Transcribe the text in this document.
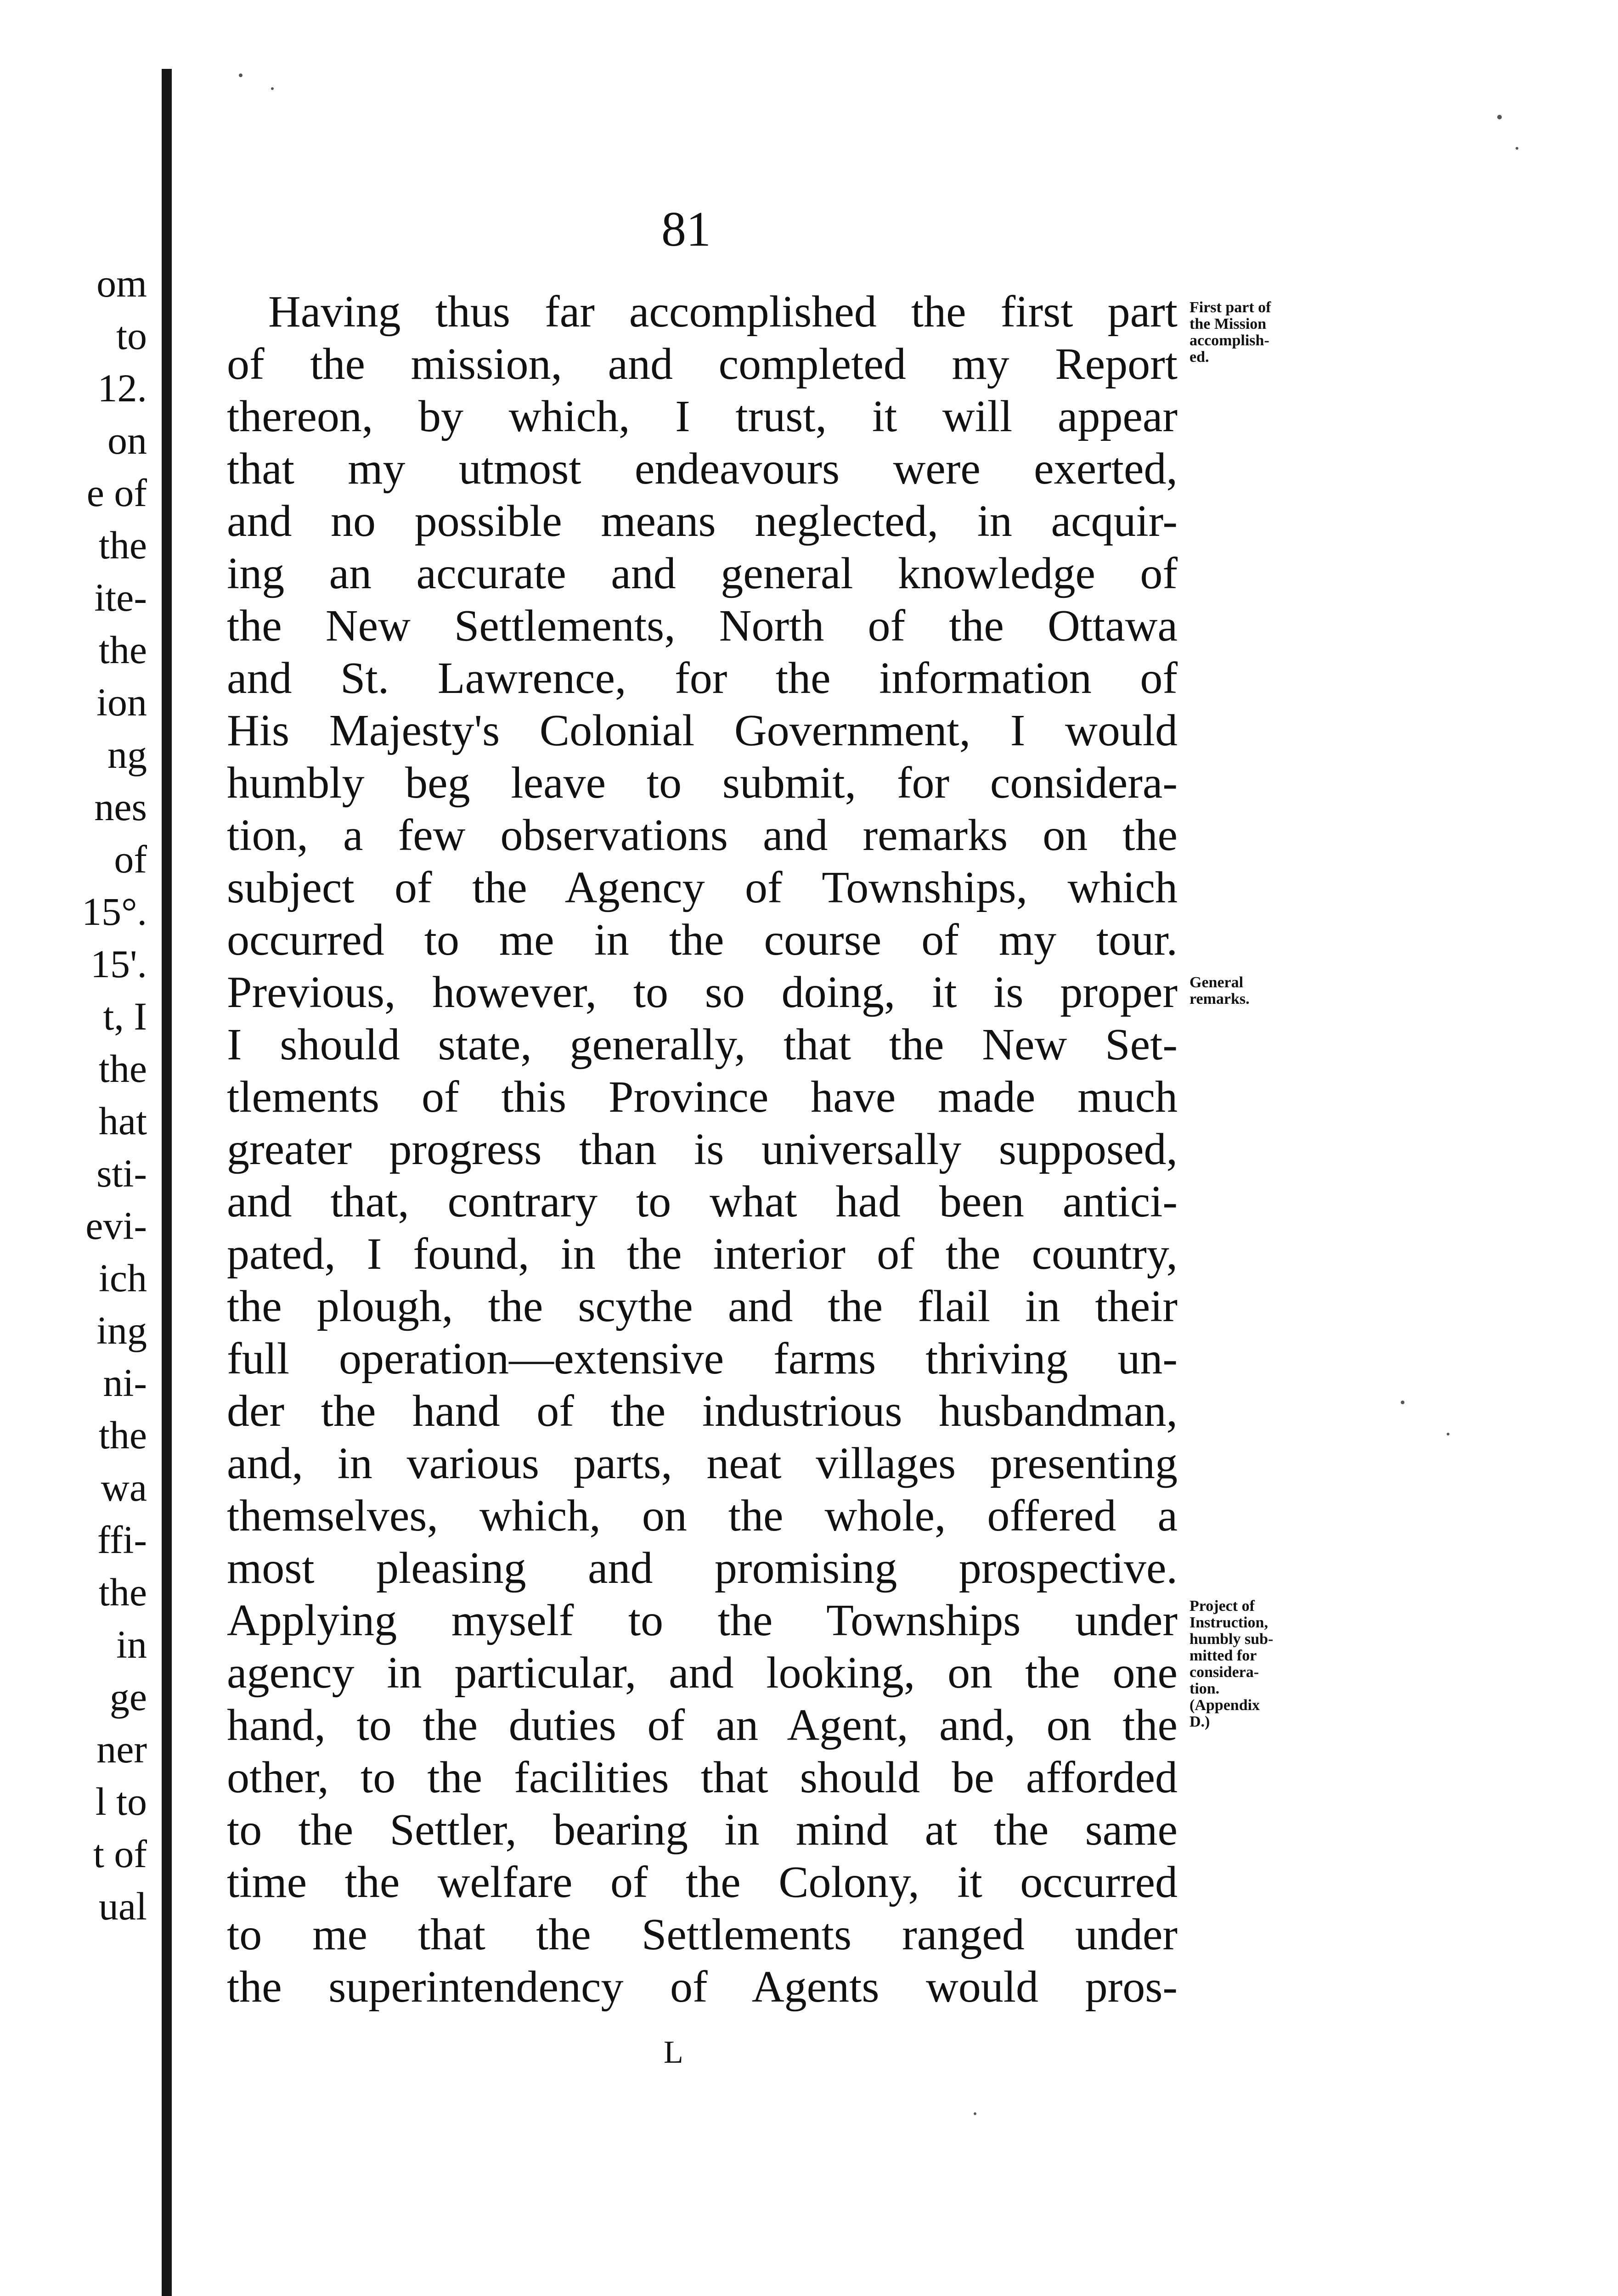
om
to
12.
on
e of
the
ite-
the
ion
ng
nes
of
15°.
15'.
t, I
the
hat
sti-
evi-
ich
ing
ni-
the
wa
ffi-
the
in
ge
ner
l to
t of
ual
81
Having thus far accomplished the first part
of the mission, and completed my Report
thereon, by which, I trust, it will appear
that my utmost endeavours were exerted,
and no possible means neglected, in acquir-
ing an accurate and general knowledge of
the New Settlements, North of the Ottawa
and St. Lawrence, for the information of
His Majesty's Colonial Government, I would
humbly beg leave to submit, for considera-
tion, a few observations and remarks on the
subject of the Agency of Townships, which
occurred to me in the course of my tour.
Previous, however, to so doing, it is proper
I should state, generally, that the New Set-
tlements of this Province have made much
greater progress than is universally supposed,
and that, contrary to what had been antici-
pated, I found, in the interior of the country,
the plough, the scythe and the flail in their
full operation—extensive farms thriving un-
der the hand of the industrious husbandman,
and, in various parts, neat villages presenting
themselves, which, on the whole, offered a
most pleasing and promising prospective.
Applying myself to the Townships under
agency in particular, and looking, on the one
hand, to the duties of an Agent, and, on the
other, to the facilities that should be afforded
to the Settler, bearing in mind at the same
time the welfare of the Colony, it occurred
to me that the Settlements ranged under
the superintendency of Agents would pros-
First part of
the Mission
accomplish-
ed.
General
remarks.
Project of
Instruction,
humbly sub-
mitted for
considera-
tion.
(Appendix
D.)
L
